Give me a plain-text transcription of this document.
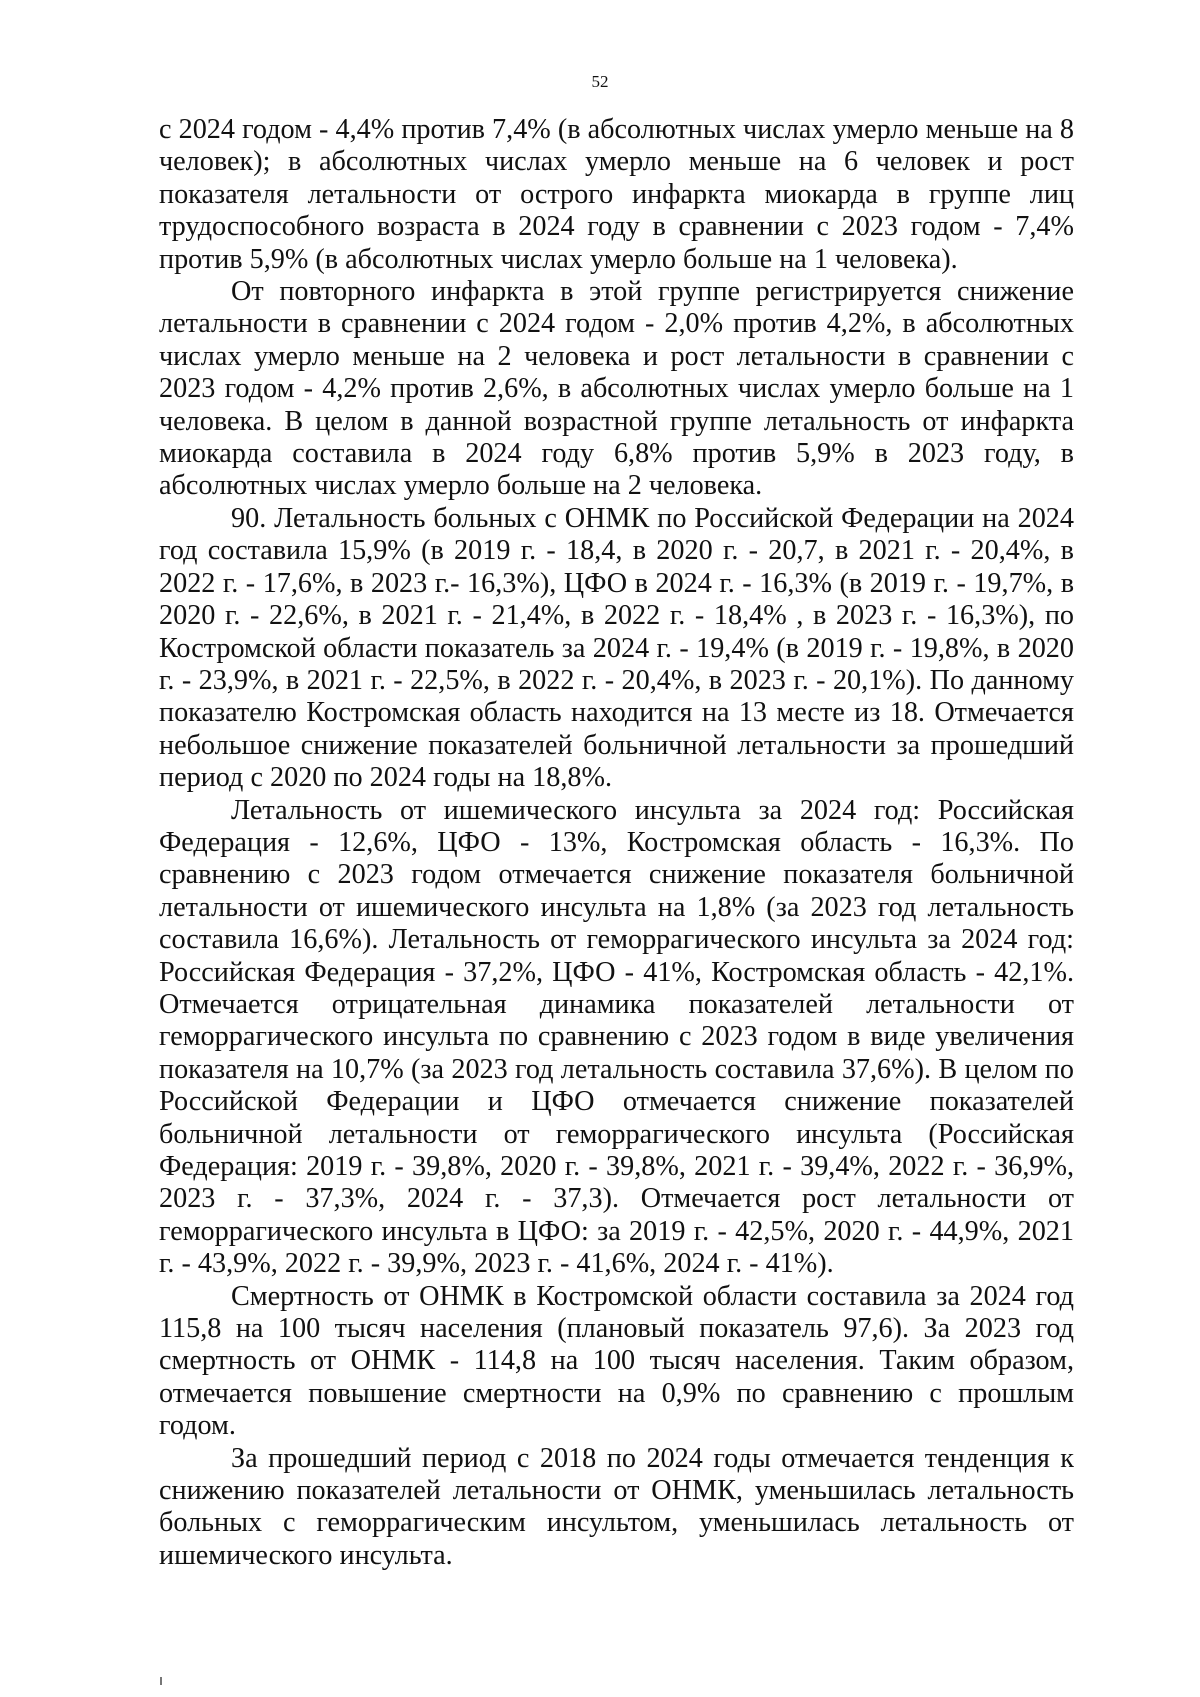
52

с 2024 годом - 4,4% против 7,4% (в абсолютных числах умерло меньше на 8 человек); в абсолютных числах умерло меньше на 6 человек и рост показателя летальности от острого инфаркта миокарда в группе лиц трудоспособного возраста в 2024 году в сравнении с 2023 годом - 7,4% против 5,9% (в абсолютных числах умерло больше на 1 человека).

От повторного инфаркта в этой группе регистрируется снижение летальности в сравнении с 2024 годом - 2,0% против 4,2%, в абсолютных числах умерло меньше на 2 человека и рост летальности в сравнении с 2023 годом - 4,2% против 2,6%, в абсолютных числах умерло больше на 1 человека. В целом в данной возрастной группе летальность от инфаркта миокарда составила в 2024 году 6,8% против 5,9% в 2023 году, в абсолютных числах умерло больше на 2 человека.

90. Летальность больных с ОНМК по Российской Федерации на 2024 год составила 15,9% (в 2019 г. - 18,4, в 2020 г. - 20,7, в 2021 г. - 20,4%, в 2022 г. - 17,6%, в 2023 г.- 16,3%), ЦФО в 2024 г. - 16,3% (в 2019 г. - 19,7%, в 2020 г. - 22,6%, в 2021 г. - 21,4%, в 2022 г. - 18,4% , в 2023 г. - 16,3%), по Костромской области показатель за 2024 г. - 19,4% (в 2019 г. - 19,8%, в 2020 г. - 23,9%, в 2021 г. - 22,5%, в 2022 г. - 20,4%, в 2023 г. - 20,1%). По данному показателю Костромская область находится на 13 месте из 18. Отмечается небольшое снижение показателей больничной летальности за прошедший период с 2020 по 2024 годы на 18,8%.

Летальность от ишемического инсульта за 2024 год: Российская Федерация - 12,6%, ЦФО - 13%, Костромская область - 16,3%. По сравнению с 2023 годом отмечается снижение показателя больничной летальности от ишемического инсульта на 1,8% (за 2023 год летальность составила 16,6%). Летальность от геморрагического инсульта за 2024 год: Российская Федерация - 37,2%, ЦФО - 41%, Костромская область - 42,1%. Отмечается отрицательная динамика показателей летальности от геморрагического инсульта по сравнению с 2023 годом в виде увеличения показателя на 10,7% (за 2023 год летальность составила 37,6%). В целом по Российской Федерации и ЦФО отмечается снижение показателей больничной летальности от геморрагического инсульта (Российская Федерация: 2019 г. - 39,8%, 2020 г. - 39,8%, 2021 г. - 39,4%, 2022 г. - 36,9%, 2023 г. - 37,3%, 2024 г. - 37,3). Отмечается рост летальности от геморрагического инсульта в ЦФО: за 2019 г. - 42,5%, 2020 г. - 44,9%, 2021 г. - 43,9%, 2022 г. - 39,9%, 2023 г. - 41,6%, 2024 г. - 41%).

Смертность от ОНМК в Костромской области составила за 2024 год 115,8 на 100 тысяч населения (плановый показатель 97,6). За 2023 год смертность от ОНМК - 114,8 на 100 тысяч населения. Таким образом, отмечается повышение смертности на 0,9% по сравнению с прошлым годом.

За прошедший период с 2018 по 2024 годы отмечается тенденция к снижению показателей летальности от ОНМК, уменьшилась летальность больных с геморрагическим инсультом, уменьшилась летальность от ишемического инсульта.
